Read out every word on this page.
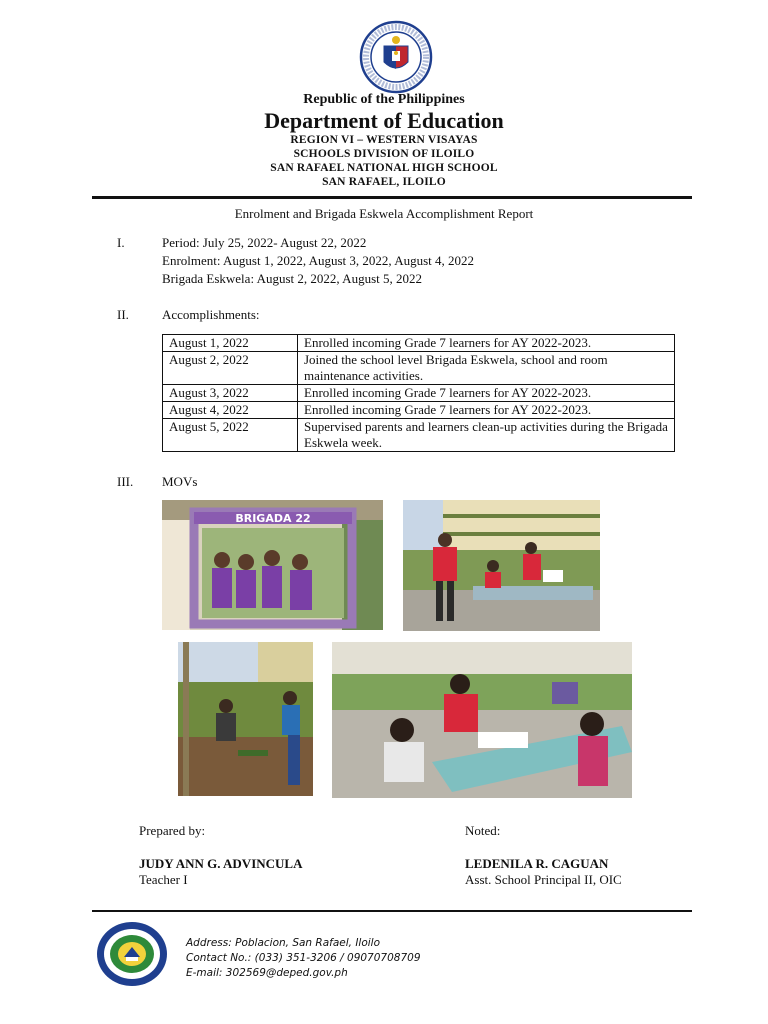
Republic of the Philippines
Department of Education
REGION VI – WESTERN VISAYAS
SCHOOLS DIVISION OF ILOILO
SAN RAFAEL NATIONAL HIGH SCHOOL
SAN RAFAEL, ILOILO
Enrolment and Brigada Eskwela Accomplishment Report
I.	Period: July 25, 2022- August 22, 2022
Enrolment: August 1, 2022, August 3, 2022, August 4, 2022
Brigada Eskwela: August 2, 2022, August 5, 2022
II.	Accomplishments:
August 1, 2022	Enrolled incoming Grade 7 learners for AY 2022-2023.
August 2, 2022	Joined the school level Brigada Eskwela, school and room maintenance activities.
August 3, 2022	Enrolled incoming Grade 7 learners for AY 2022-2023.
August 4, 2022	Enrolled incoming Grade 7 learners for AY 2022-2023.
August 5, 2022	Supervised parents and learners clean-up activities during the Brigada Eskwela week.
III. MOVs
BRIGADA 22
Prepared by:
JUDY ANN G. ADVINCULA
Teacher I
Noted:
LEDENILA R. CAGUAN
Asst. School Principal II, OIC
Address: Poblacion, San Rafael, Iloilo
Contact No.: (033) 351-3206 / 09070708709
E-mail: 302569@deped.gov.ph
